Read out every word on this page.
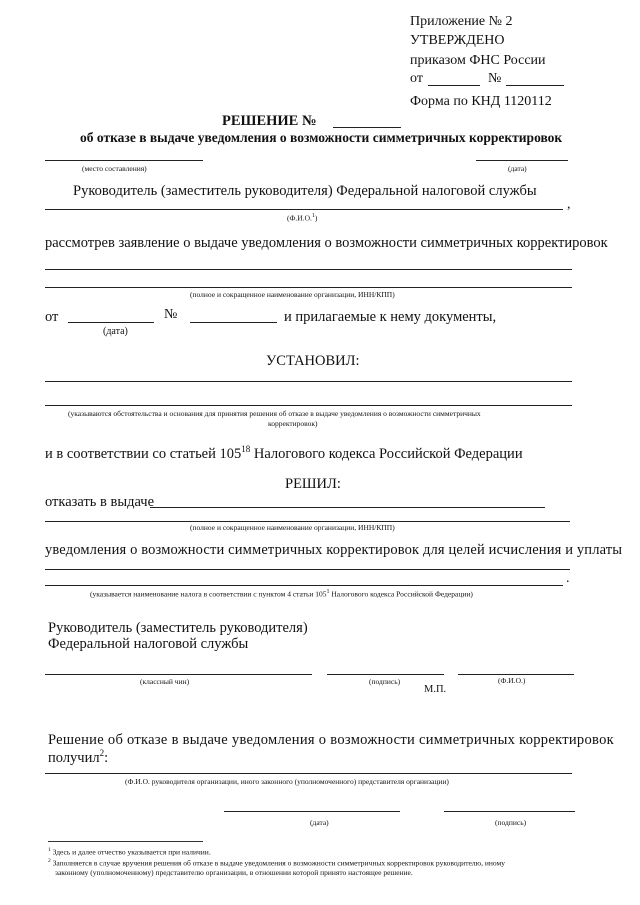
Приложение № 2
УТВЕРЖДЕНО
приказом ФНС России
от	№
Форма по КНД 1120112
РЕШЕНИЕ №
об отказе в выдаче уведомления о возможности симметричных корректировок
(место составления)	(дата)
Руководитель (заместитель руководителя) Федеральной налоговой службы
,
(Ф.И.О.$^1$)
рассмотрев заявление о выдаче уведомления о возможности симметричных корректировок
(полное и сокращенное наименование организации, ИНН/КПП)
от	№	и прилагаемые к нему документы,
(дата)
УСТАНОВИЛ:
(указываются обстоятельства и основания для принятия решения об отказе в выдаче уведомления о возможности симметричных
корректировок)
и в соответствии со статьей $105^{18}$ Налогового кодекса Российской Федерации
РЕШИЛ:
отказать в выдаче
(полное и сокращенное наименование организации, ИНН/КПП)
уведомления о возможности симметричных корректировок для целей исчисления и уплаты
.
(указывается наименование налога в соответствии с пунктом 4 статьи $105^1$ Налогового кодекса Российской Федерации)
Руководитель (заместитель руководителя)
Федеральной налоговой службы
(классный чин)	(подпись)	(Ф.И.О.)
М.П.
Решение об отказе в выдаче уведомления о возможности симметричных корректировок
получил$^2$:
(Ф.И.О. руководителя организации, иного законного (уполномоченного) представителя организации)
(дата)	(подпись)
$^1$ Здесь и далее отчество указывается при наличии.
$^2$ Заполняется в случае вручения решения об отказе в выдаче уведомления о возможности симметричных корректировок руководителю, иному
законному (уполномоченному) представителю организации, в отношении которой принято настоящее решение.
